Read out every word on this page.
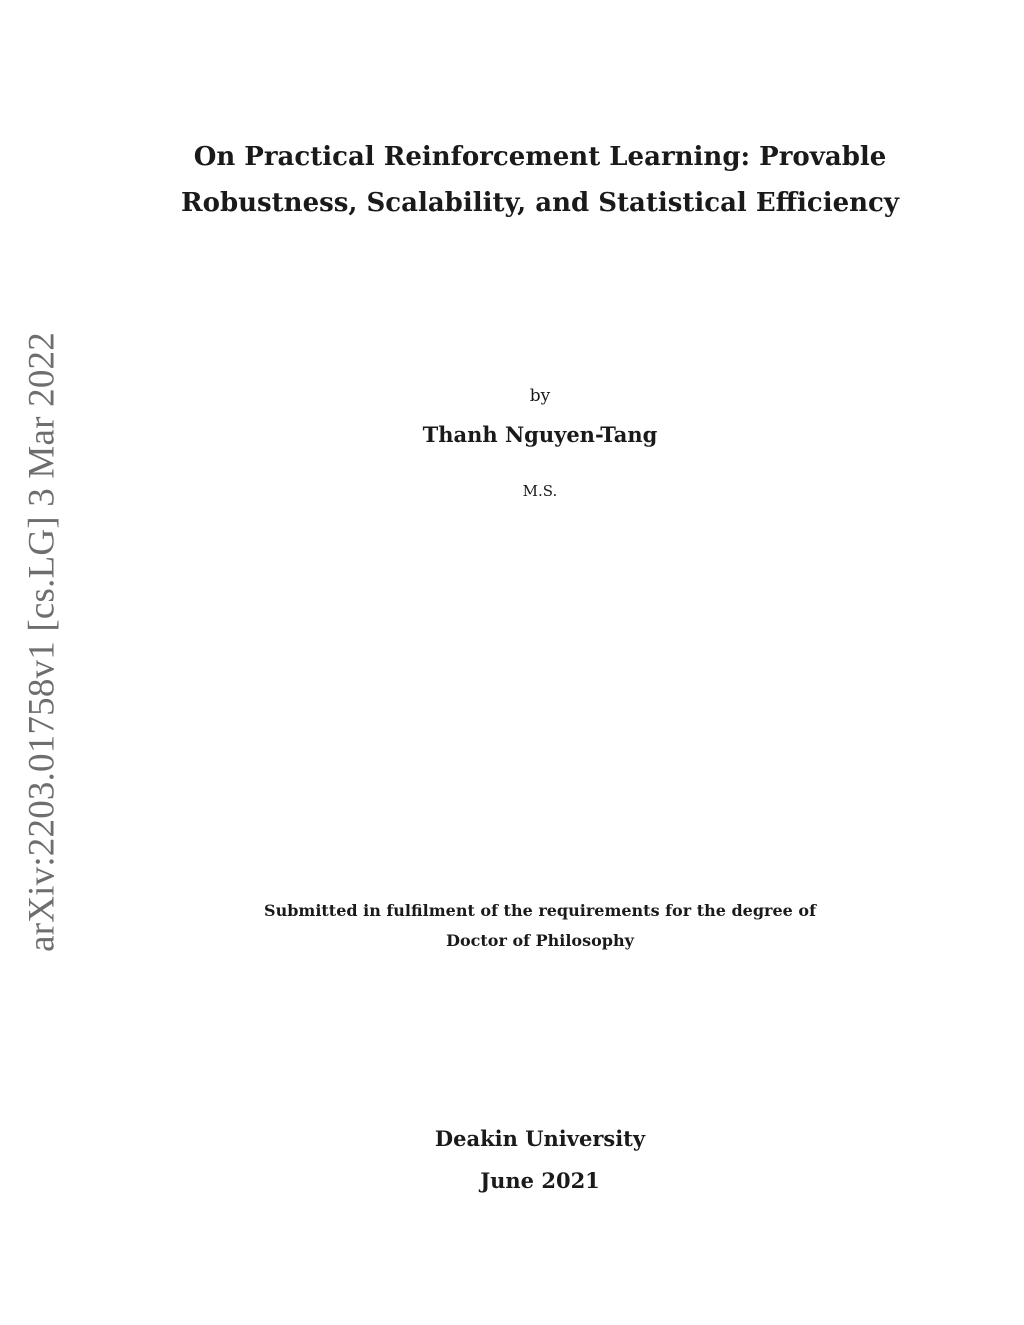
arXiv:2203.01758v1 [cs.LG] 3 Mar 2022
On Practical Reinforcement Learning: Provable
Robustness, Scalability, and Statistical Efficiency
by
Thanh Nguyen-Tang
M.S.
Submitted in fulfilment of the requirements for the degree of
Doctor of Philosophy
Deakin University
June 2021
